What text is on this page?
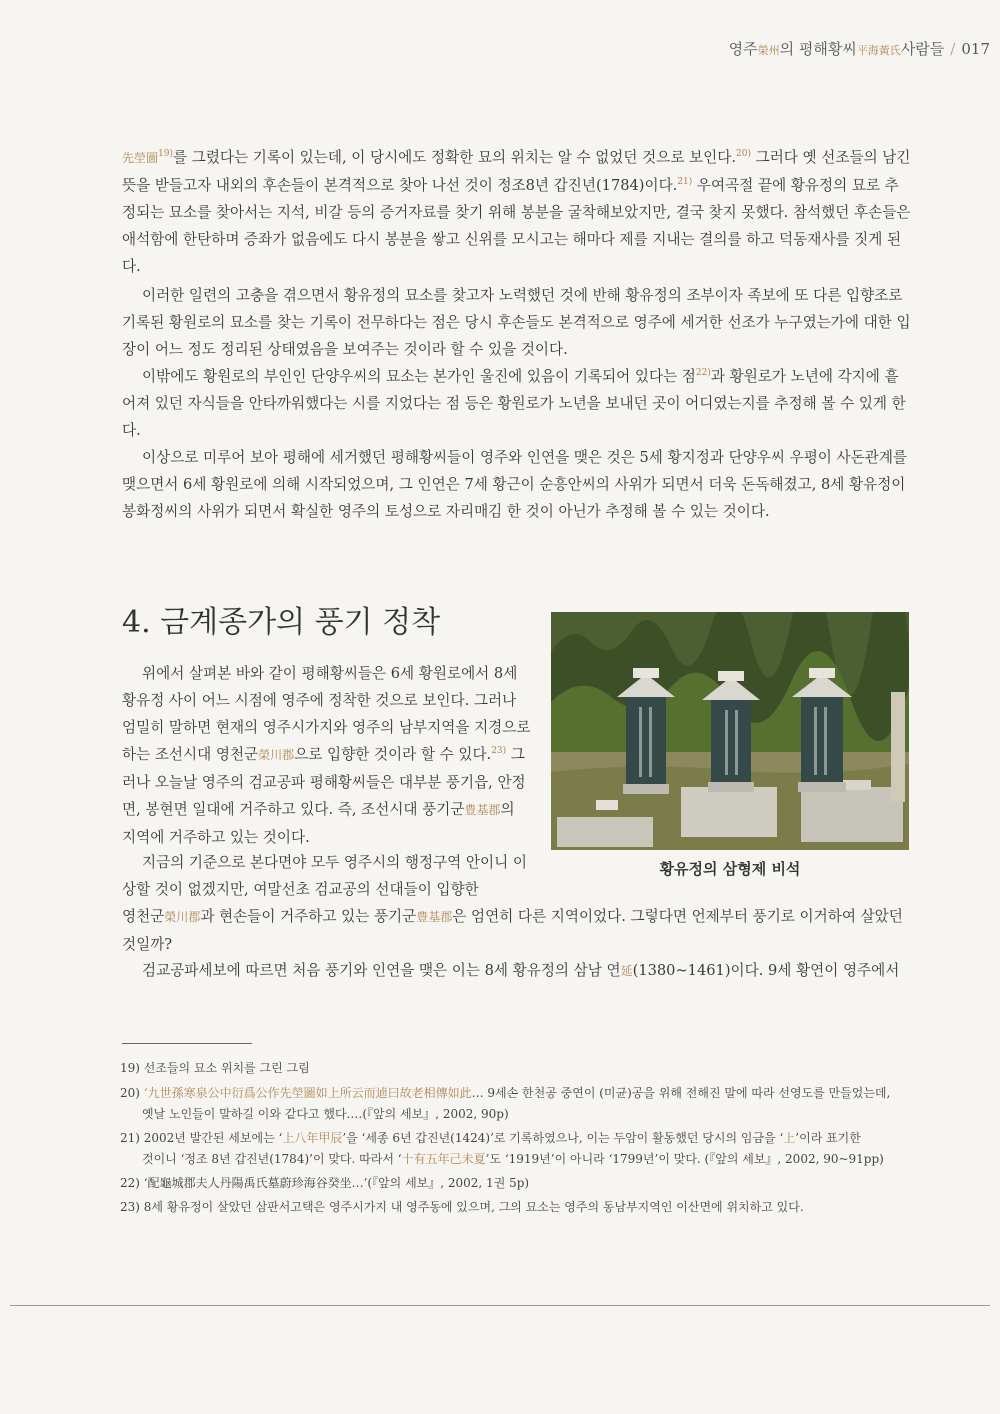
영주榮州의 평해황씨平海黃氏사람들 / 017

先塋圖$^{19)}$를 그렸다는 기록이 있는데, 이 당시에도 정확한 묘의 위치는 알 수 없었던 것으로 보인다.$^{20)}$ 그러다 옛 선조들의 남긴 뜻을 받들고자 내외의 후손들이 본격적으로 찾아 나선 것이 정조8년 갑진년(1784)이다.$^{21)}$ 우여곡절 끝에 황유정의 묘로 추정되는 묘소를 찾아서는 지석, 비갈 등의 증거자료를 찾기 위해 봉분을 굴착해보았지만, 결국 찾지 못했다. 참석했던 후손들은 애석함에 한탄하며 증좌가 없음에도 다시 봉분을 쌓고 신위를 모시고는 해마다 제를 지내는 결의를 하고 덕동재사를 짓게 된다.

이러한 일련의 고충을 겪으면서 황유정의 묘소를 찾고자 노력했던 것에 반해 황유정의 조부이자 족보에 또 다른 입향조로 기록된 황원로의 묘소를 찾는 기록이 전무하다는 점은 당시 후손들도 본격적으로 영주에 세거한 선조가 누구였는가에 대한 입장이 어느 정도 정리된 상태였음을 보여주는 것이라 할 수 있을 것이다.

이밖에도 황원로의 부인인 단양우씨의 묘소는 본가인 울진에 있음이 기록되어 있다는 점$^{22)}$과 황원로가 노년에 각지에 흩어져 있던 자식들을 안타까워했다는 시를 지었다는 점 등은 황원로가 노년을 보내던 곳이 어디였는지를 추정해 볼 수 있게 한다.

이상으로 미루어 보아 평해에 세거했던 평해황씨들이 영주와 인연을 맺은 것은 5세 황지정과 단양우씨 우평이 사돈관계를 맺으면서 6세 황원로에 의해 시작되었으며, 그 인연은 7세 황근이 순흥안씨의 사위가 되면서 더욱 돈독해졌고, 8세 황유정이 봉화정씨의 사위가 되면서 확실한 영주의 토성으로 자리매김 한 것이 아닌가 추정해 볼 수 있는 것이다.

4. 금계종가의 풍기 정착

위에서 살펴본 바와 같이 평해황씨들은 6세 황원로에서 8세 황유정 사이 어느 시점에 영주에 정착한 것으로 보인다. 그러나 엄밀히 말하면 현재의 영주시가지와 영주의 남부지역을 지경으로 하는 조선시대 영천군榮川郡으로 입향한 것이라 할 수 있다.$^{23)}$ 그러나 오늘날 영주의 검교공파 평해황씨들은 대부분 풍기읍, 안정면, 봉현면 일대에 거주하고 있다. 즉, 조선시대 풍기군豊基郡의 지역에 거주하고 있는 것이다.

지금의 기준으로 본다면야 모두 영주시의 행정구역 안이니 이상할 것이 없겠지만, 여말선초 검교공의 선대들이 입향한

영천군榮川郡과 현손들이 거주하고 있는 풍기군豊基郡은 엄연히 다른 지역이었다. 그렇다면 언제부터 풍기로 이거하여 살았던 것일까?

검교공파세보에 따르면 처음 풍기와 인연을 맺은 이는 8세 황유정의 삼남 연延(1380~1461)이다. 9세 황연이 영주에서

황유정의 삼형제 비석

19) 선조들의 묘소 위치를 그린 그림

20) ‘九世孫寒泉公中衍爲公作先塋圖如上所云而逌曰故老相傳如此… 9세손 한천공 중연이 (미균)공을 위해 전해진 말에 따라 선영도를 만들었는데,
옛날 노인들이 말하길 이와 같다고 했다.…(『앞의 세보』, 2002, 90p)

21) 2002년 발간된 세보에는 ‘上八年甲辰’을 ‘세종 6년 갑진년(1424)’로 기록하였으나, 이는 두암이 활동했던 당시의 임금을 ‘上’이라 표기한
것이니 ‘정조 8년 갑진년(1784)’이 맞다. 따라서 ‘十有五年己未夏’도 ‘1919년’이 아니라 ‘1799년’이 맞다. (『앞의 세보』, 2002, 90~91pp)

22) ‘配龜城郡夫人丹陽禹氏墓蔚珍海谷癸坐…’(『앞의 세보』, 2002, 1권 5p)

23) 8세 황유정이 살았던 삼판서고택은 영주시가지 내 영주동에 있으며, 그의 묘소는 영주의 동남부지역인 이산면에 위치하고 있다.
